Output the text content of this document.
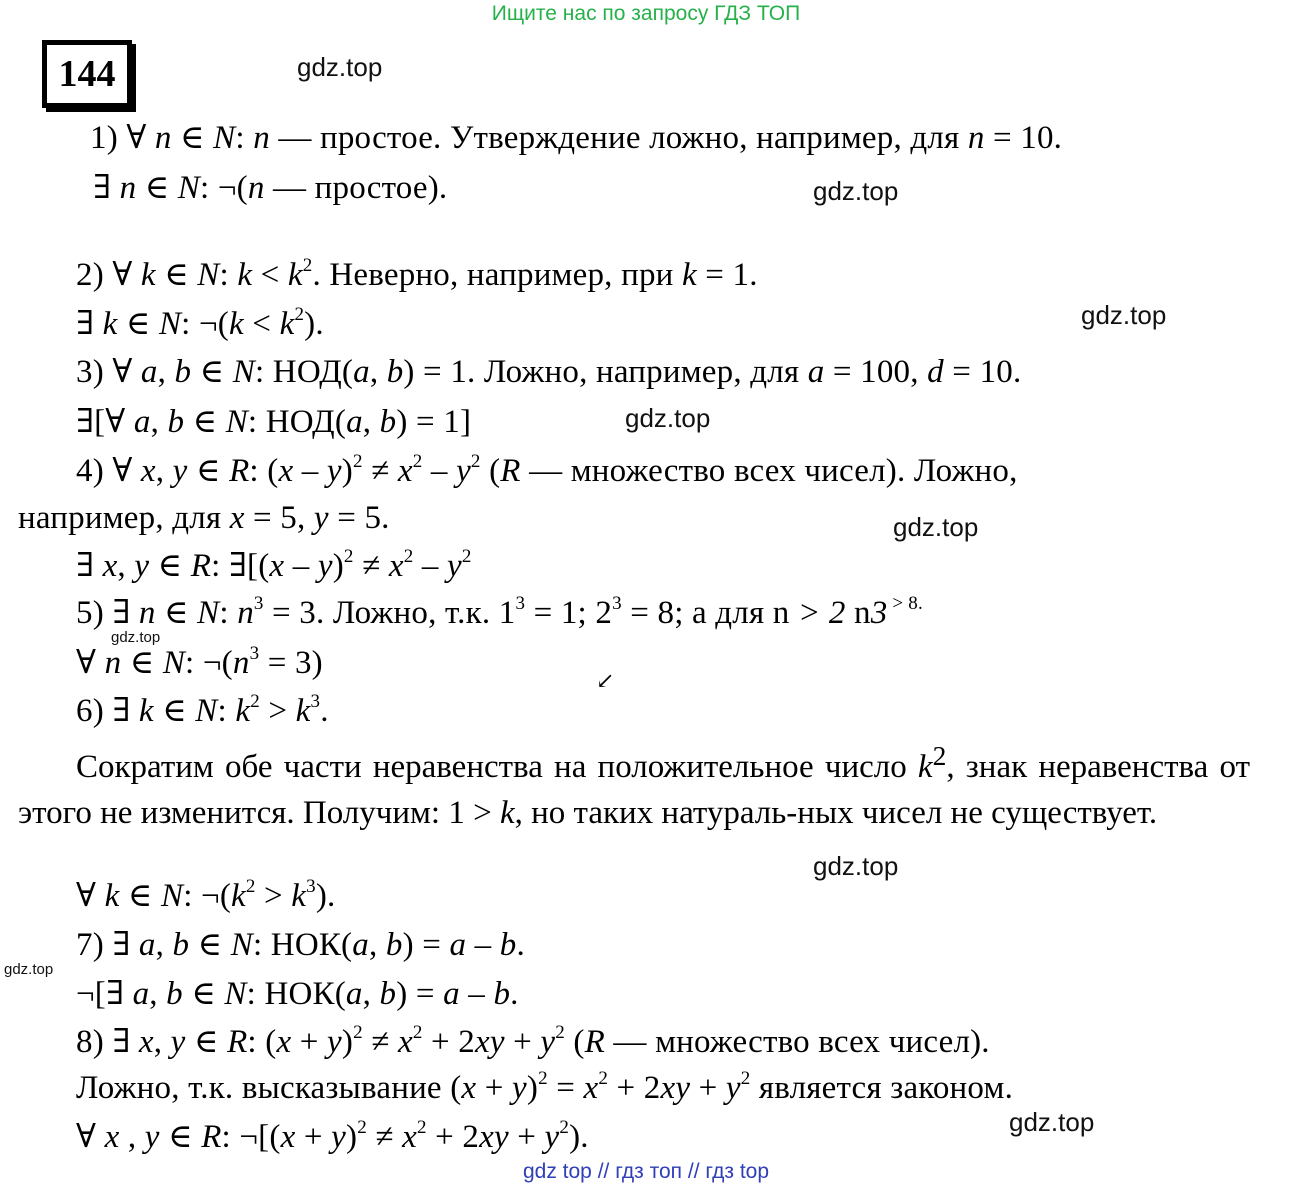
Ищите нас по запросу ГДЗ ТОП
144	gdz.top
gdz.top
gdz.top
gdz.top
gdz.top
gdz.top
gdz.top
gdz.top
gdz.top
1) ∀ n ∈ N: n — простое. Утверждение ложно, например, для n = 10.
∃ n ∈ N: ¬(n — простое).
2) ∀ k ∈ N: $k < k^2$. Неверно, например, при k = 1.
∃ k ∈ N: ¬(k < $k^2$).
3) ∀ a, b ∈ N: НОД(a, b) = 1. Ложно, например, для a = 100, d = 10.
∃[∀ a, b ∈ N: НОД(a, b) = 1]
4) ∀ x, y ∈ R: $(x - y)^2 \ne x^2 - y^2$ (R — множество всех чисел). Ложно,
например, для x = 5, y = 5.
∃ x, y ∈ R: ∃[(x – $y)^2 \ne x^2 - y^2$
5) ∃ n ∈ N: $n^3 = 3$. Ложно, т.к. $1^3 = 1$; $2^3 = 8$; а для n > 2 n3 $^{> 8.}$
∀ n ∈ N: $\neg(n^3 = 3)$
6) ∃ k ∈ N: $k^2 > k^3$.
Сократим обе части неравенства на положительное число $k^2$, знак неравенства от этого не изменится. Получим: 1 > k, но таких натураль-ных чисел не существует.
∀ k ∈ N: $\neg(k^2 > k^3)$.
7) ∃ a, b ∈ N: НОК(a, b) = a – b.
¬[∃ a, b ∈ N: НОК(a, b) = a – b.
8) ∃ x, y ∈ R: $(x + y)^2 \ne x^2 + 2xy + y^2$ (R — множество всех чисел).
Ложно, т.к. высказывание $(x + y)^2 = x^2 + 2xy + y^2$ является законом.
∀ x , y ∈ R: ¬[(x + $y)^2 \ne x^2 + 2xy + y^2$).
↙
gdz top // гдз топ // гдз top
